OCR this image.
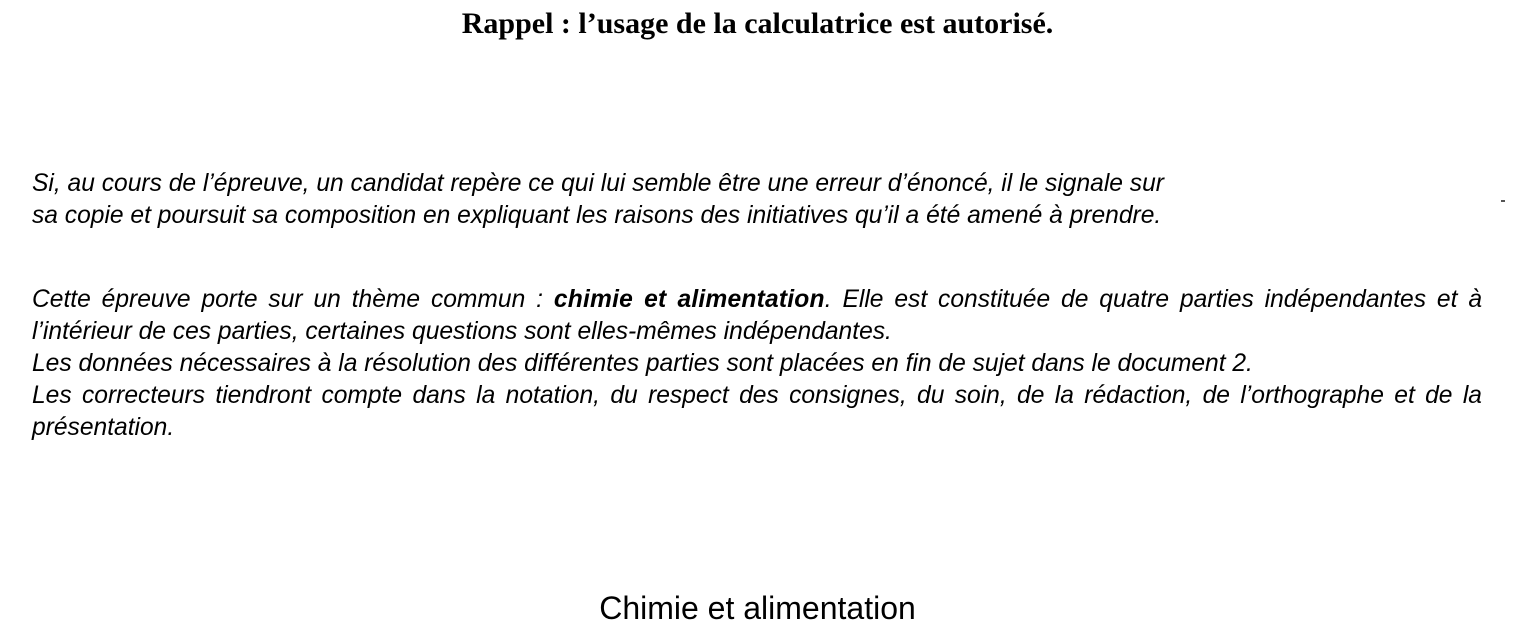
Rappel : l’usage de la calculatrice est autorisé.

Si, au cours de l’épreuve, un candidat repère ce qui lui semble être une erreur d’énoncé, il le signale sur

sa copie et poursuit sa composition en expliquant les raisons des initiatives qu’il a été amené à prendre.

Cette épreuve porte sur un thème commun : chimie et alimentation. Elle est constituée de quatre parties indépendantes et à l’intérieur de ces parties, certaines questions sont elles-mêmes indépendantes.

Les données nécessaires à la résolution des différentes parties sont placées en fin de sujet dans le document 2.

Les correcteurs tiendront compte dans la notation, du respect des consignes, du soin, de la rédaction, de l’orthographe et de la présentation.

Chimie et alimentation
